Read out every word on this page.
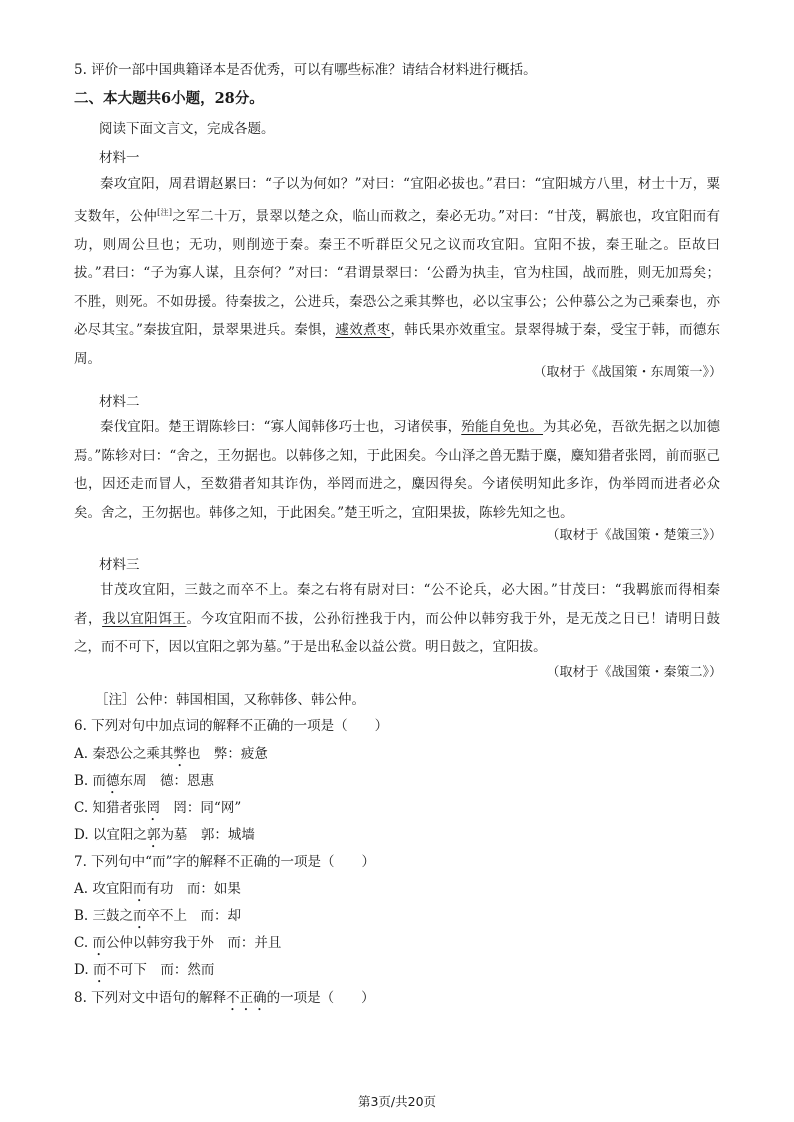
5. 评价一部中国典籍译本是否优秀，可以有哪些标准？请结合材料进行概括。
二、本大题共6小题，28分。
阅读下面文言文，完成各题。
材料一
秦攻宜阳，周君谓赵累曰：“子以为何如？”对曰：“宜阳必拔也。”君曰：“宜阳城方八里，材士十万，粟支数年，公仲[注]之军二十万，景翠以楚之众，临山而救之，秦必无功。”对曰：“甘茂，羁旅也，攻宜阳而有功，则周公旦也；无功，则削迹于秦。秦王不听群臣父兄之议而攻宜阳。宜阳不拔，秦王耻之。臣故曰拔。”君曰：“子为寡人谋，且奈何？”对曰：“君谓景翠曰：‘公爵为执圭，官为柱国，战而胜，则无加焉矣；不胜，则死。不如毋援。待秦拔之，公进兵，秦恐公之乘其弊也，必以宝事公；公仲慕公之为己乘秦也，亦必尽其宝。”秦拔宜阳，景翠果进兵。秦惧，遽效煮枣，韩氏果亦效重宝。景翠得城于秦，受宝于韩，而德东周。
（取材于《战国策・东周策一》）
材料二
秦伐宜阳。楚王谓陈轸曰：“寡人闻韩侈巧士也，习诸侯事，殆能自免也。为其必免，吾欲先据之以加德焉。”陈轸对曰：“舍之，王勿据也。以韩侈之知，于此困矣。今山泽之兽无黠于麋，麋知猎者张罔，前而驱己也，因还走而冒人，至数猎者知其诈伪，举罔而进之，麋因得矣。今诸侯明知此多诈，伪举罔而进者必众矣。舍之，王勿据也。韩侈之知，于此困矣。”楚王听之，宜阳果拔，陈轸先知之也。
（取材于《战国策・楚策三》）
材料三
甘茂攻宜阳，三鼓之而卒不上。秦之右将有尉对曰：“公不论兵，必大困。”甘茂曰：“我羁旅而得相秦者，我以宜阳饵王。今攻宜阳而不拔，公孙衍挫我于内，而公仲以韩穷我于外，是无茂之日已！请明日鼓之，而不可下，因以宜阳之郭为墓。”于是出私金以益公赏。明日鼓之，宜阳拔。
（取材于《战国策・秦策二》）
［注］公仲：韩国相国，又称韩侈、韩公仲。
6. 下列对句中加点词的解释不正确的一项是（　　）
A. 秦恐公之乘其弊也　弊：疲惫
B. 而德东周　德：恩惠
C. 知猎者张罔　罔：同“网”
D. 以宜阳之郭为墓　郭：城墙
7. 下列句中“而”字的解释不正确的一项是（　　）
A. 攻宜阳而有功　而：如果
B. 三鼓之而卒不上　而：却
C. 而公仲以韩穷我于外　而：并且
D. 而不可下　而：然而
8. 下列对文中语句的解释不正确的一项是（　　）
第3页/共20页
